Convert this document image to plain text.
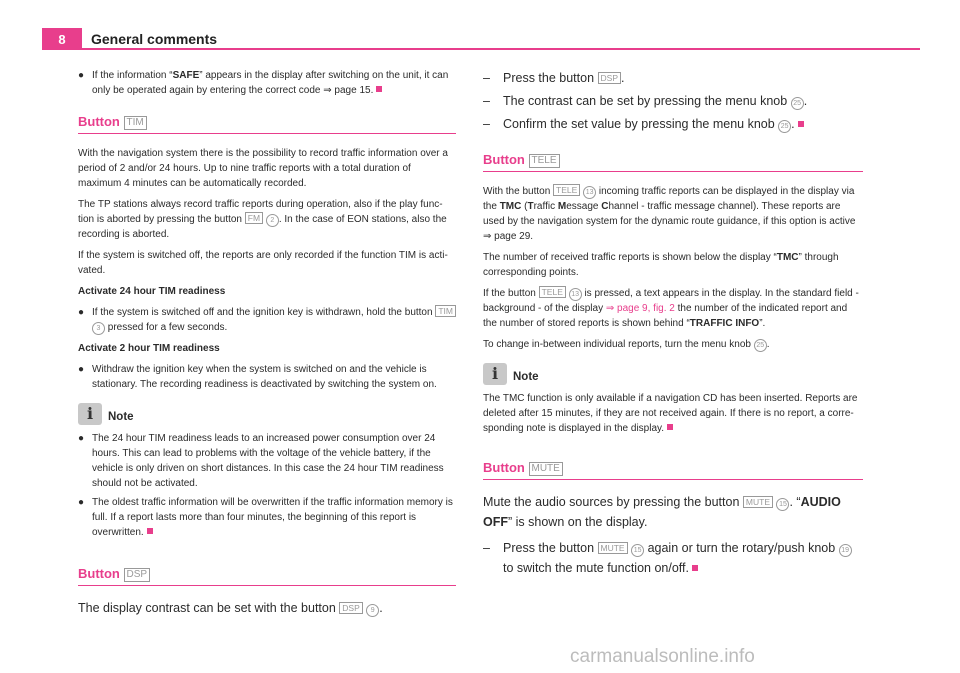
8	General comments
● If the information “SAFE” appears in the display after switching on the unit, it can only be operated again by entering the correct code ⇒ page 15.
Button TIM

With the navigation system there is the possibility to record traffic information over a period of 2 and/or 24 hours. Up to nine traffic reports with a total duration of maximum 4 minutes can be automatically recorded.

The TP stations always record traffic reports during operation, also if the play func-tion is aborted by pressing the button FM 2 . In the case of EON stations, also the recording is aborted.

If the system is switched off, the reports are only recorded if the function TIM is acti-vated.

Activate 24 hour TIM readiness

● If the system is switched off and the ignition key is withdrawn, hold the button TIM 3 pressed for a few seconds.

Activate 2 hour TIM readiness

● Withdraw the ignition key when the system is switched on and the vehicle is stationary. The recording readiness is deactivated by switching the system on.
i	Note
● The 24 hour TIM readiness leads to an increased power consumption over 24 hours. This can lead to problems with the voltage of the vehicle battery, if the vehicle is only driven on short distances. In this case the 24 hour TIM readiness should not be activated.
● The oldest traffic information will be overwritten if the traffic information memory is full. If a report lasts more than four minutes, the beginning of this report is overwritten.
Button DSP

The display contrast can be set with the button DSP 9 .

–	Press the button DSP .
–	The contrast can be set by pressing the menu knob 25 .
–	Confirm the set value by pressing the menu knob 25 .
Button TELE

With the button TELE 13 incoming traffic reports can be displayed in the display via the TMC (Traffic Message Channel - traffic message channel). These reports are used by the navigation system for the dynamic route guidance, if this option is active ⇒ page 29.

The number of received traffic reports is shown below the display “TMC” through corresponding points.

If the button TELE 13 is pressed, a text appears in the display. In the standard field - background - of the display ⇒ page 9, fig. 2 the number of the indicated report and the number of stored reports is shown behind “TRAFFIC INFO”.

To change in-between individual reports, turn the menu knob 25 .

i	Note

The TMC function is only available if a navigation CD has been inserted. Reports are deleted after 15 minutes, if they are not received again. If there is no report, a corre-sponding note is displayed in the display.

Button MUTE

Mute the audio sources by pressing the button MUTE 15 . “AUDIO OFF” is shown on the display.

–	Press the button MUTE 15 again or turn the rotary/push knob 19 to switch the mute function on/off.
carmanualsonline.info
